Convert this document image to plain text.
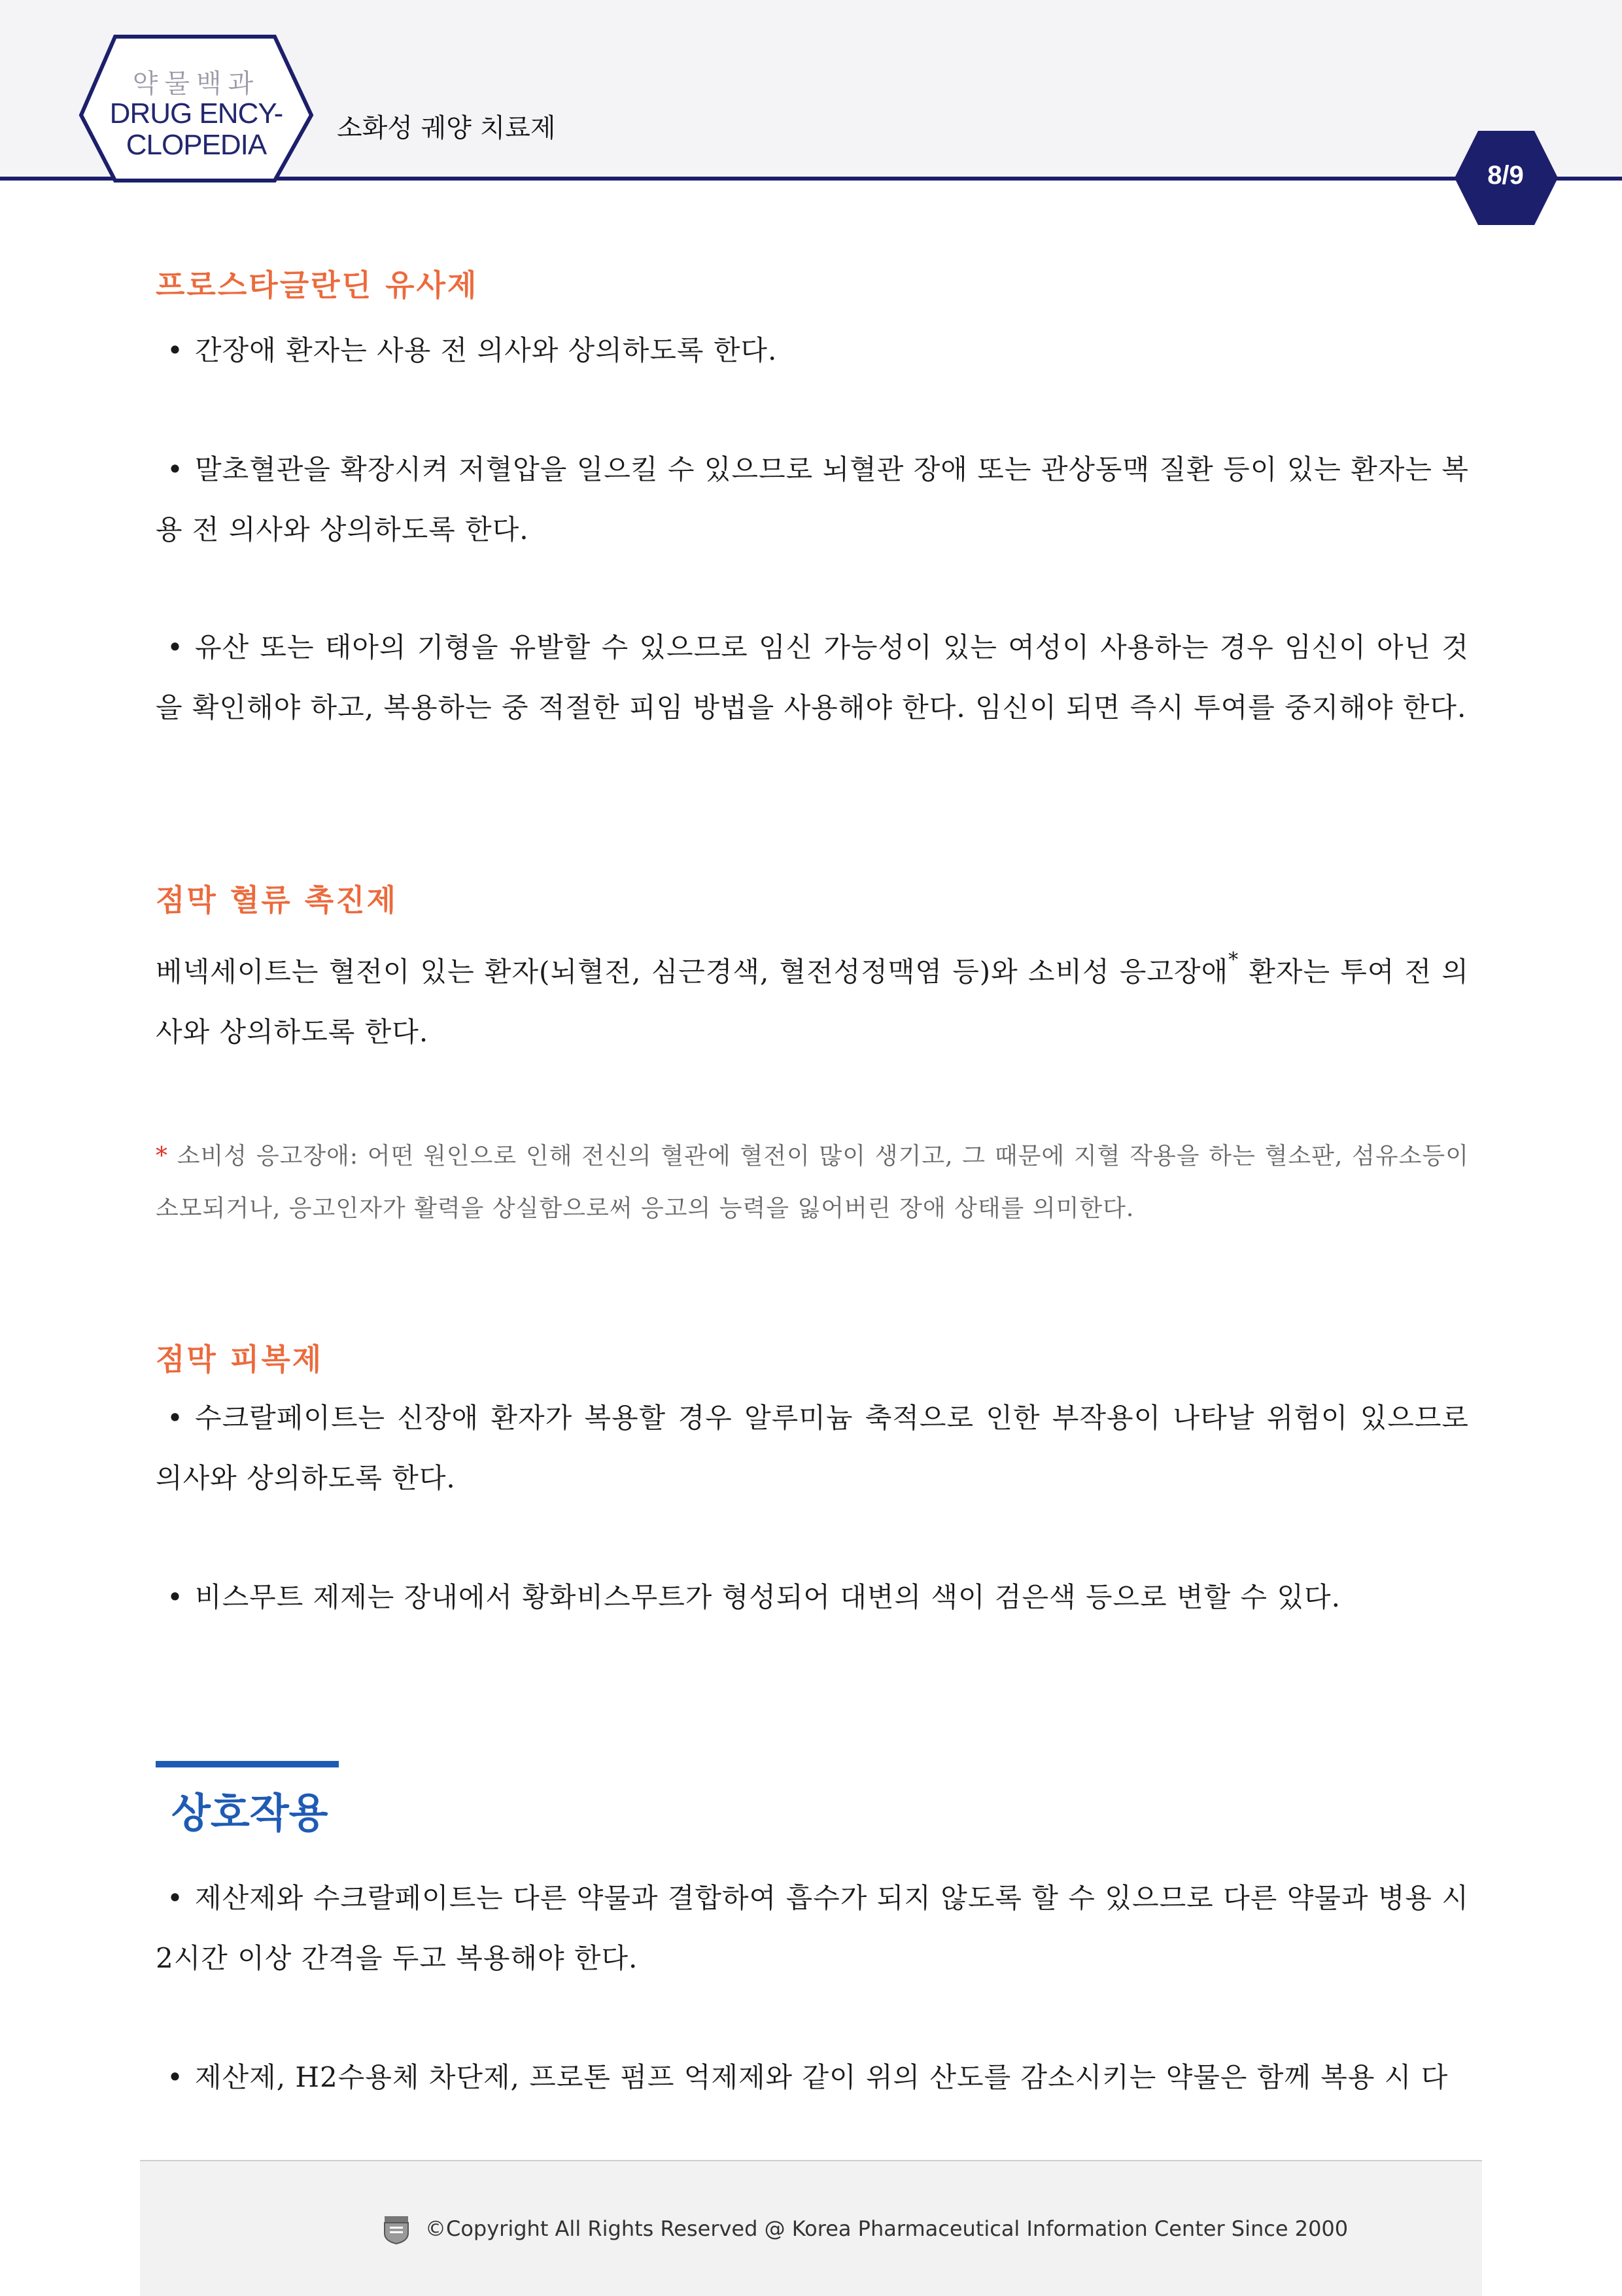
약물백과
DRUG ENCY-
CLOPEDIA
소화성 궤양 치료제
8/9
프로스타글란딘 유사제

• 간장애 환자는 사용 전 의사와 상의하도록 한다.

• 말초혈관을 확장시켜 저혈압을 일으킬 수 있으므로 뇌혈관 장애 또는 관상동맥 질환 등이 있는 환자는 복용 전 의사와 상의하도록 한다.

• 유산 또는 태아의 기형을 유발할 수 있으므로 임신 가능성이 있는 여성이 사용하는 경우 임신이 아닌 것을 확인해야 하고, 복용하는 중 적절한 피임 방법을 사용해야 한다. 임신이 되면 즉시 투여를 중지해야 한다.

점막 혈류 촉진제

베넥세이트는 혈전이 있는 환자(뇌혈전, 심근경색, 혈전성정맥염 등)와 소비성 응고장애* 환자는 투여 전 의사와 상의하도록 한다.

* 소비성 응고장애: 어떤 원인으로 인해 전신의 혈관에 혈전이 많이 생기고, 그 때문에 지혈 작용을 하는 혈소판, 섬유소등이 소모되거나, 응고인자가 활력을 상실함으로써 응고의 능력을 잃어버린 장애 상태를 의미한다.

점막 피복제

• 수크랄페이트는 신장애 환자가 복용할 경우 알루미늄 축적으로 인한 부작용이 나타날 위험이 있으므로 의사와 상의하도록 한다.

• 비스무트 제제는 장내에서 황화비스무트가 형성되어 대변의 색이 검은색 등으로 변할 수 있다.

상호작용

• 제산제와 수크랄페이트는 다른 약물과 결합하여 흡수가 되지 않도록 할 수 있으므로 다른 약물과 병용 시 2시간 이상 간격을 두고 복용해야 한다.

• 제산제, H2수용체 차단제, 프로톤 펌프 억제제와 같이 위의 산도를 감소시키는 약물은 함께 복용 시 다

©Copyright All Rights Reserved @ Korea Pharmaceutical Information Center Since 2000
